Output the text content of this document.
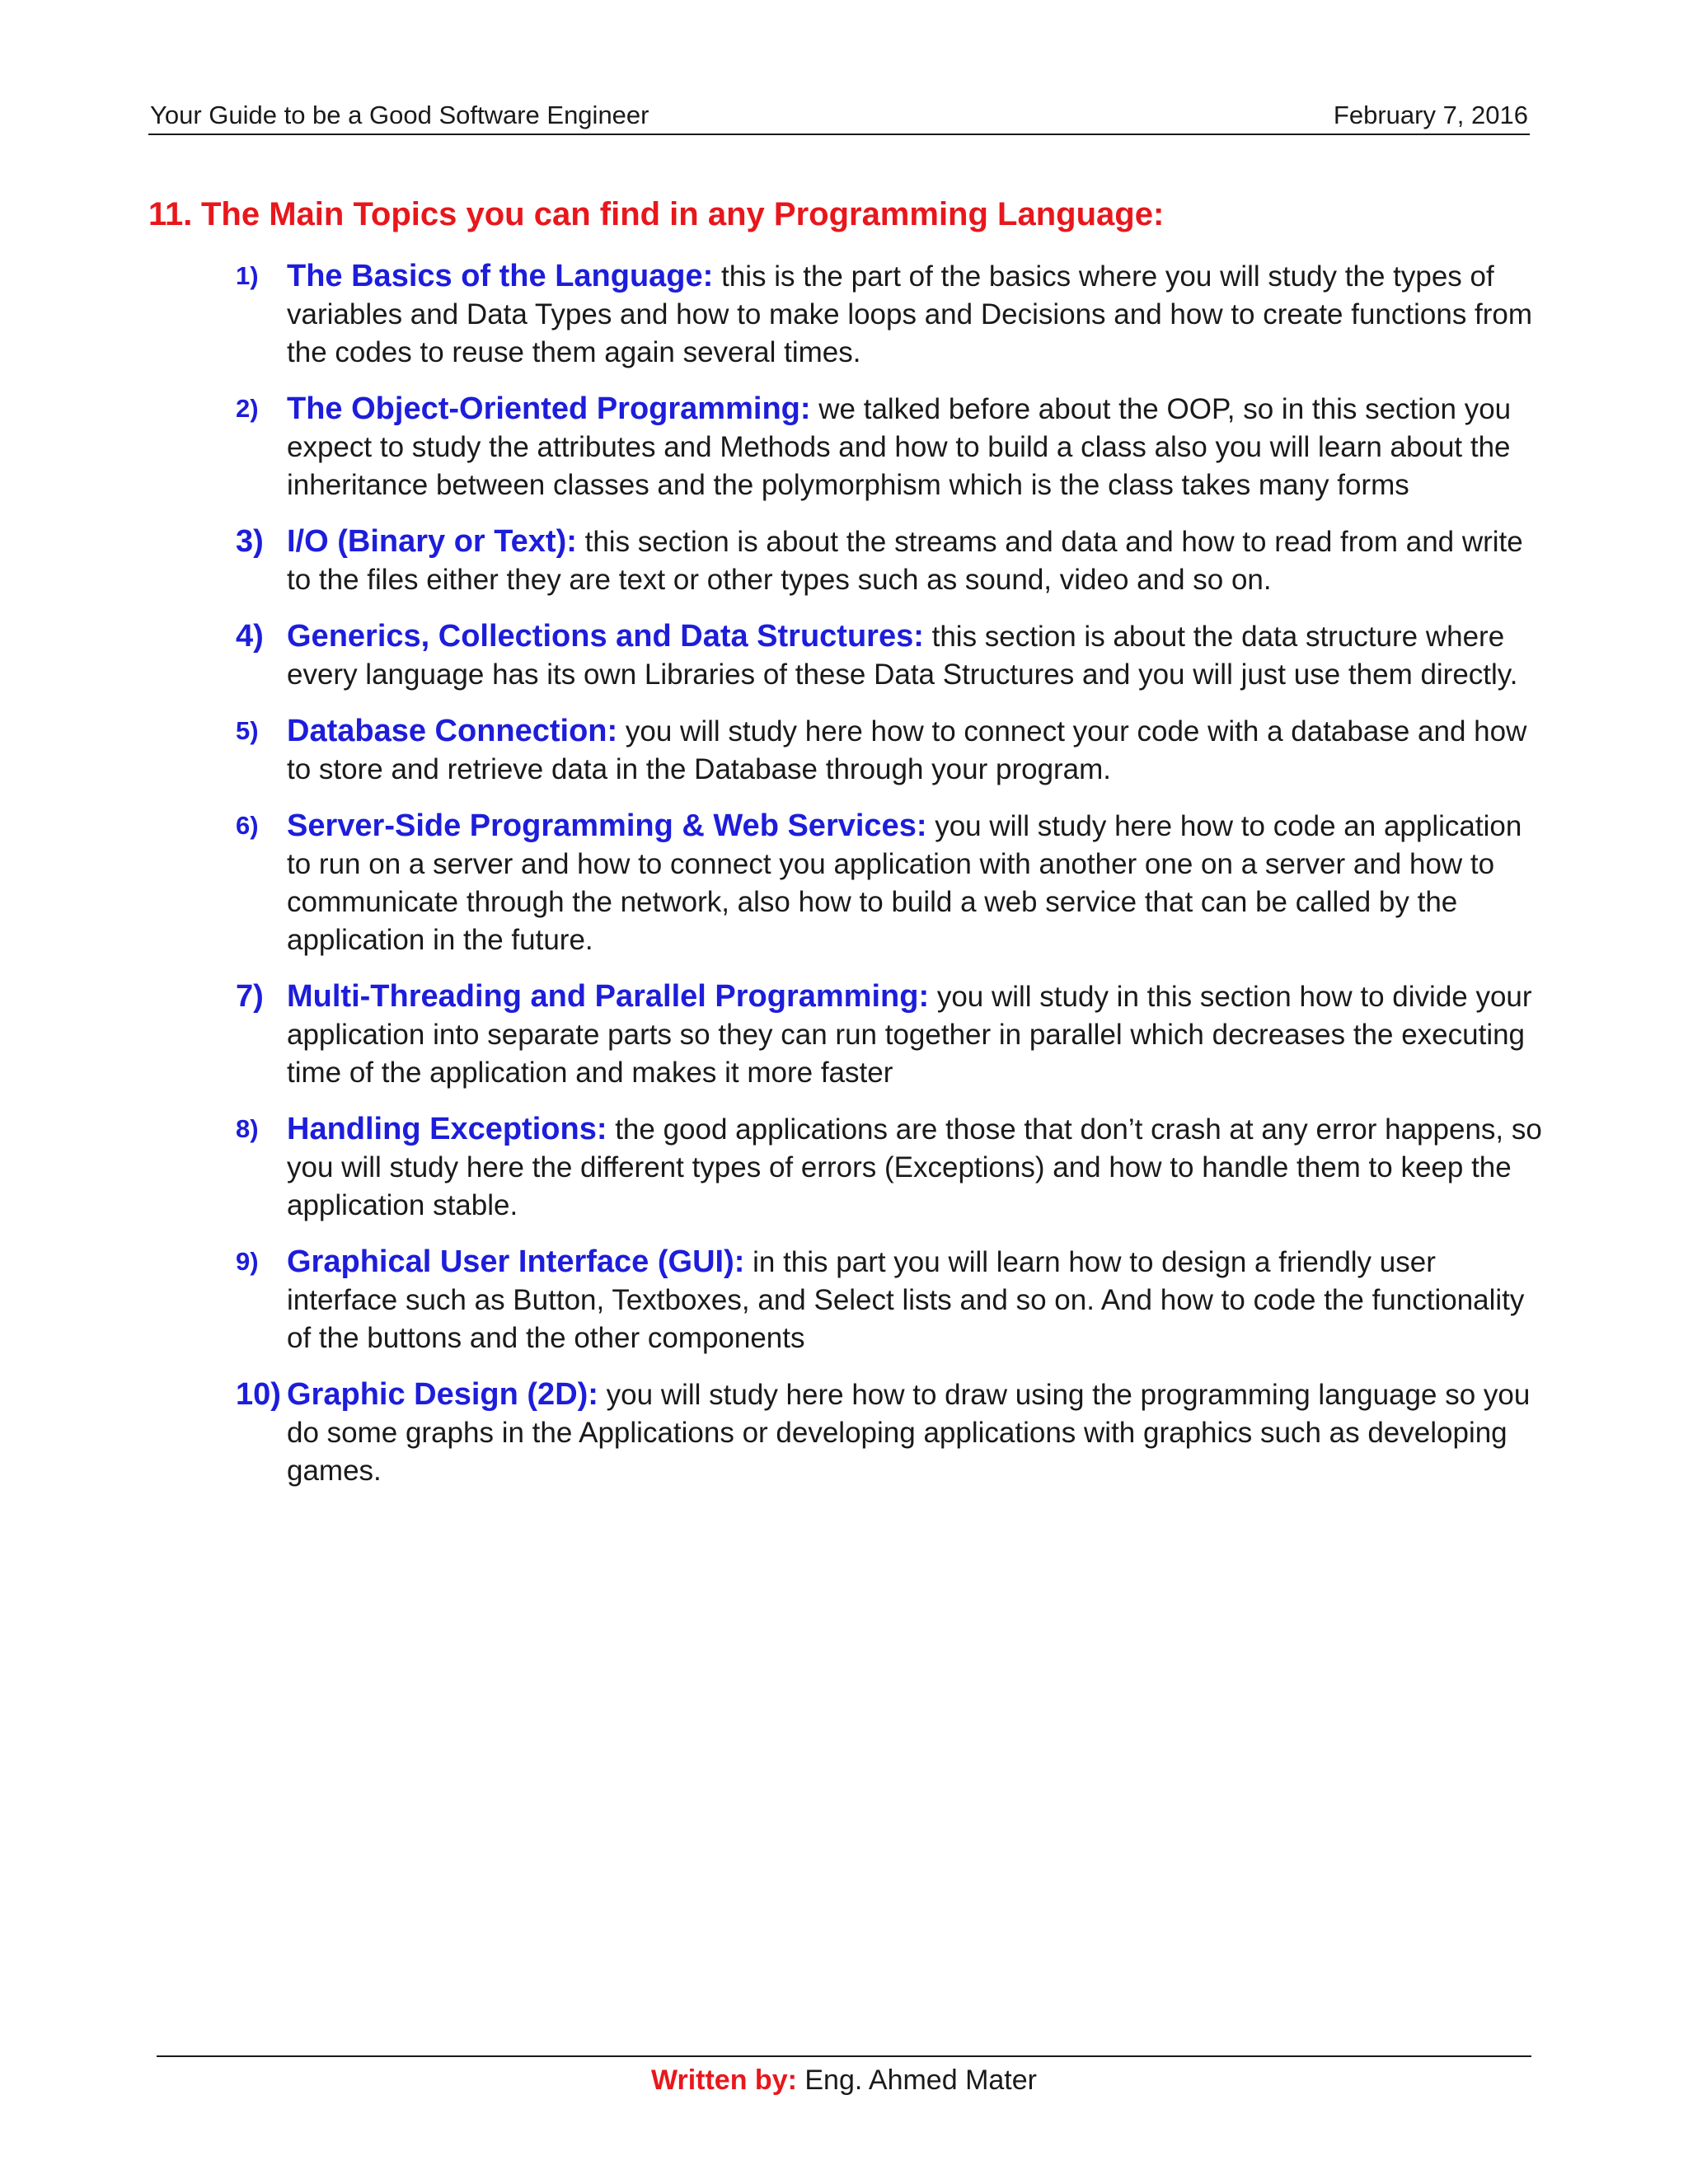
Your Guide to be a Good Software Engineer	February 7, 2016
11. The Main Topics you can find in any Programming Language:
1) The Basics of the Language: this is the part of the basics where you will study the types of variables and Data Types and how to make loops and Decisions and how to create functions from the codes to reuse them again several times.
2) The Object-Oriented Programming: we talked before about the OOP, so in this section you expect to study the attributes and Methods and how to build a class also you will learn about the inheritance between classes and the polymorphism which is the class takes many forms
3) I/O (Binary or Text): this section is about the streams and data and how to read from and write to the files either they are text or other types such as sound, video and so on.
4) Generics, Collections and Data Structures: this section is about the data structure where every language has its own Libraries of these Data Structures and you will just use them directly.
5) Database Connection: you will study here how to connect your code with a database and how to store and retrieve data in the Database through your program.
6) Server-Side Programming & Web Services: you will study here how to code an application to run on a server and how to connect you application with another one on a server and how to communicate through the network, also how to build a web service that can be called by the application in the future.
7) Multi-Threading and Parallel Programming: you will study in this section how to divide your application into separate parts so they can run together in parallel which decreases the executing time of the application and makes it more faster
8) Handling Exceptions: the good applications are those that don’t crash at any error happens, so you will study here the different types of errors (Exceptions) and how to handle them to keep the application stable.
9) Graphical User Interface (GUI): in this part you will learn how to design a friendly user interface such as Button, Textboxes, and Select lists and so on. And how to code the functionality of the buttons and the other components
10) Graphic Design (2D): you will study here how to draw using the programming language so you do some graphs in the Applications or developing applications with graphics such as developing games.
Written by: Eng. Ahmed Mater
